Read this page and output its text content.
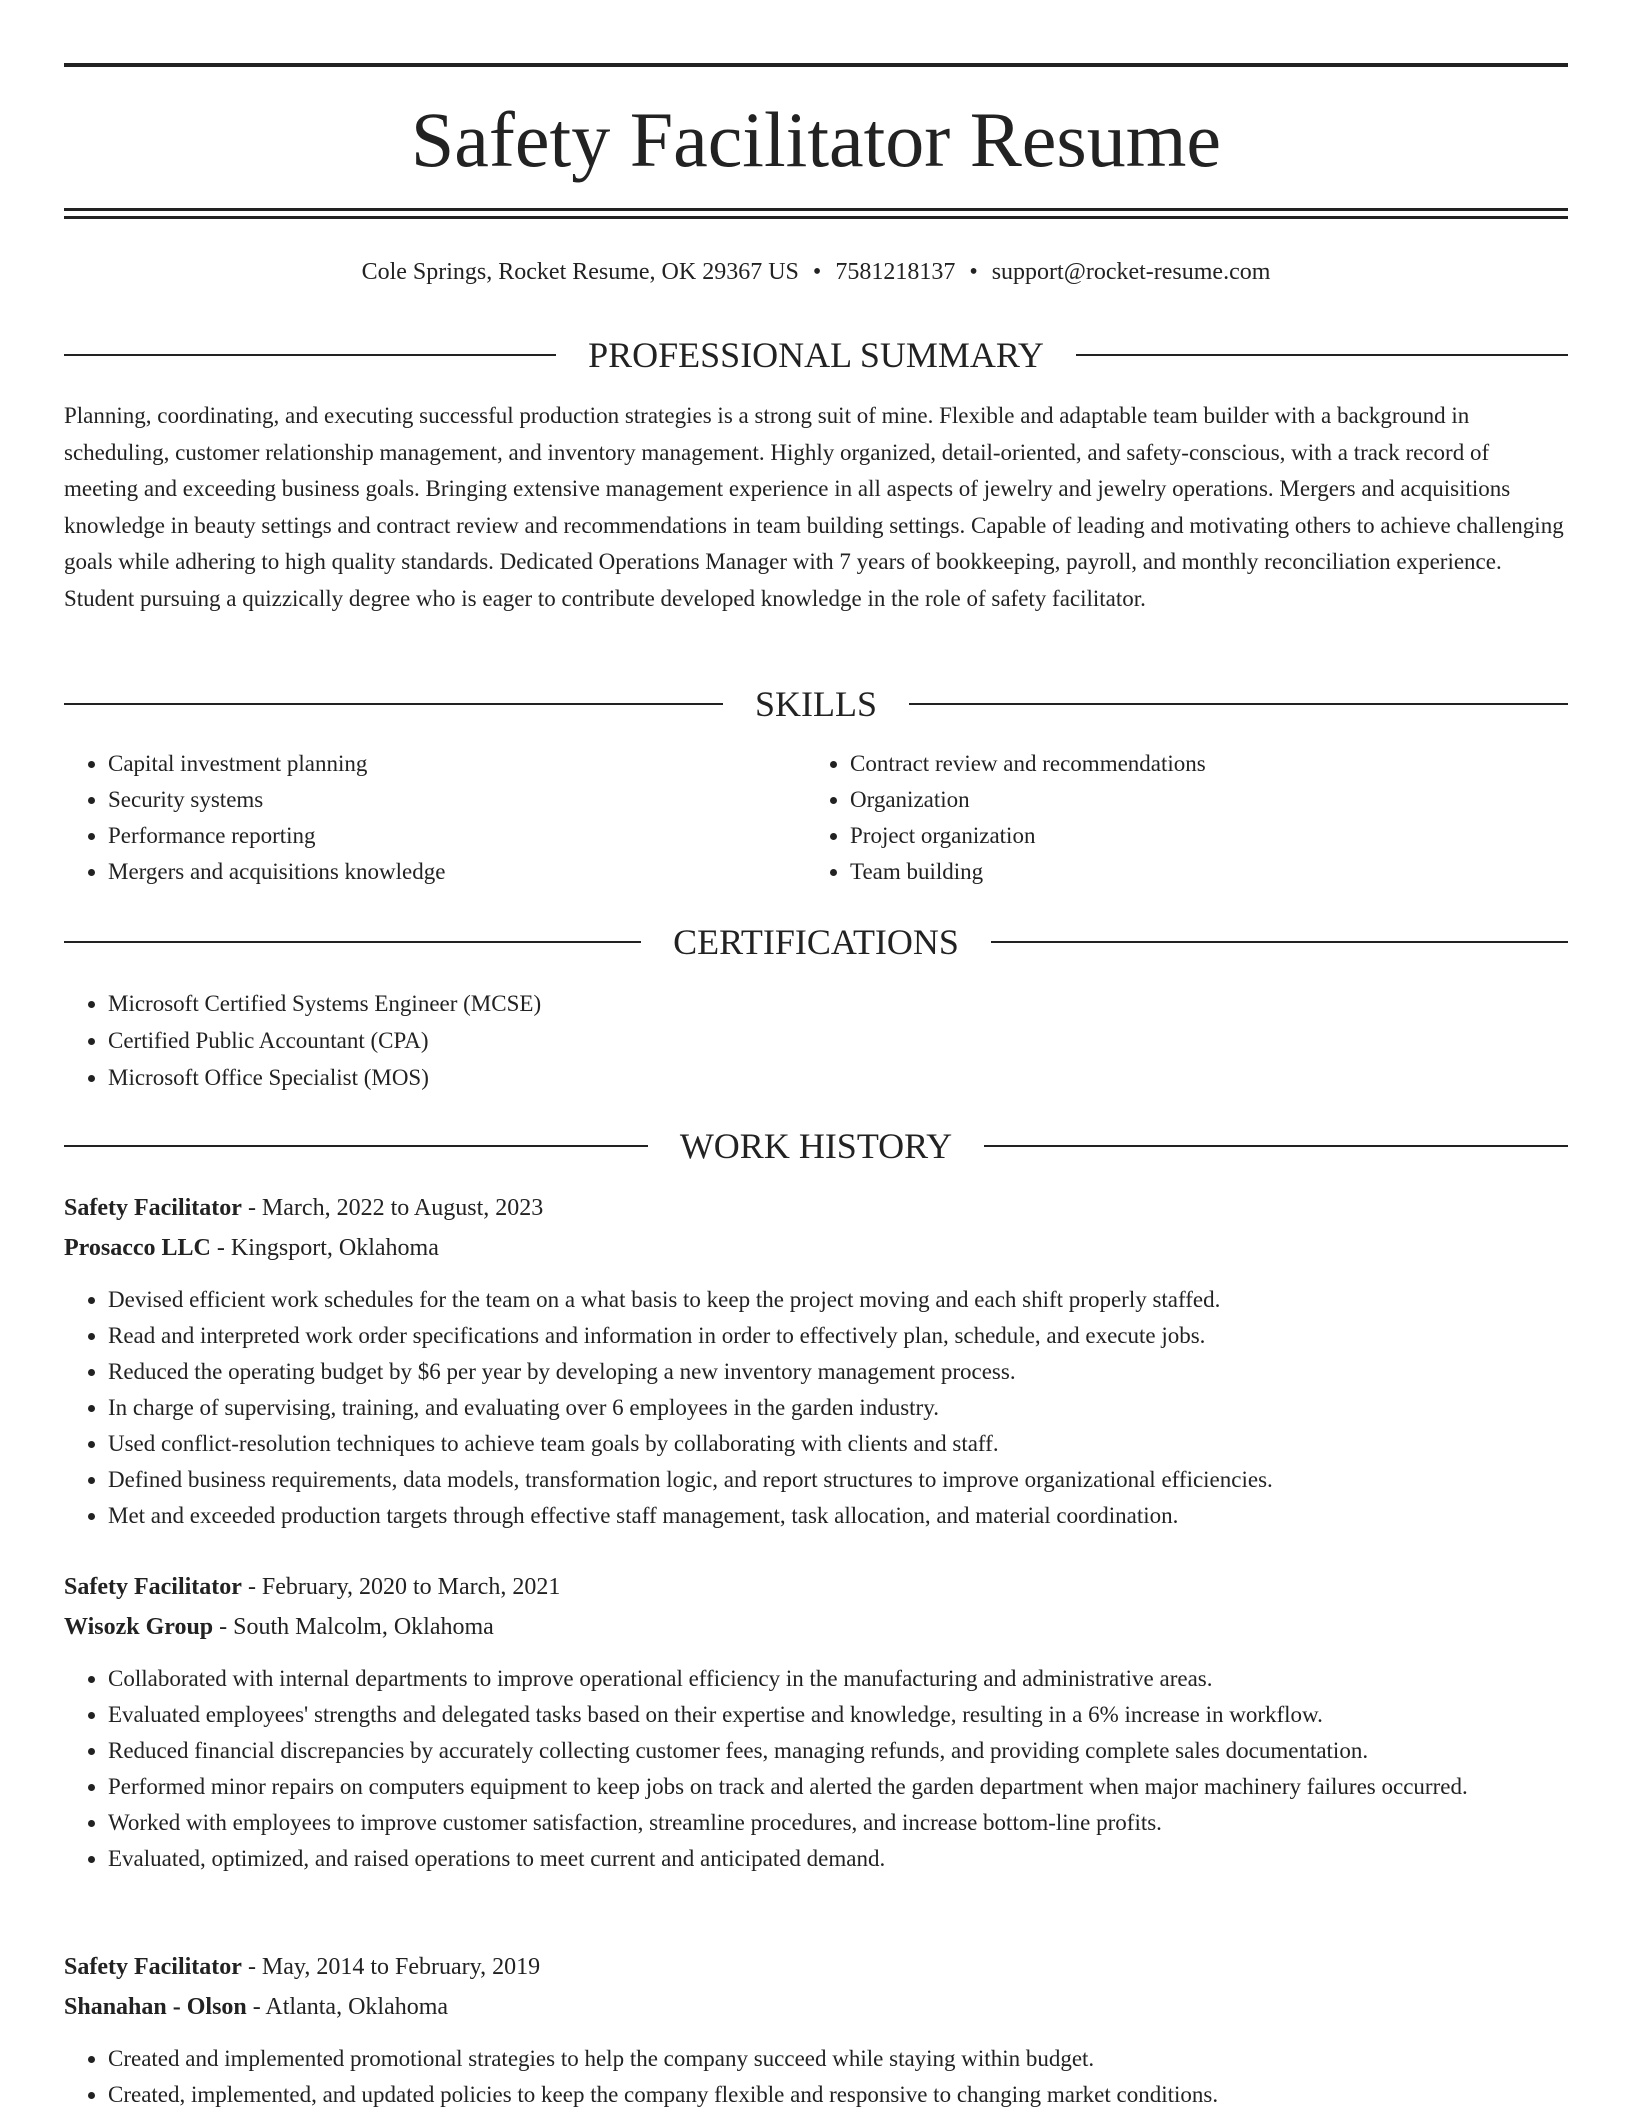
Safety Facilitator Resume
Cole Springs, Rocket Resume, OK 29367 US • 7581218137 • support@rocket-resume.com
PROFESSIONAL SUMMARY

Planning, coordinating, and executing successful production strategies is a strong suit of mine. Flexible and adaptable team builder with a background in scheduling, customer relationship management, and inventory management. Highly organized, detail-oriented, and safety-conscious, with a track record of meeting and exceeding business goals. Bringing extensive management experience in all aspects of jewelry and jewelry operations. Mergers and acquisitions knowledge in beauty settings and contract review and recommendations in team building settings. Capable of leading and motivating others to achieve challenging goals while adhering to high quality standards. Dedicated Operations Manager with 7 years of bookkeeping, payroll, and monthly reconciliation experience. Student pursuing a quizzically degree who is eager to contribute developed knowledge in the role of safety facilitator.

SKILLS
• Capital investment planning
• Security systems
• Performance reporting
• Mergers and acquisitions knowledge
• Contract review and recommendations
• Organization
• Project organization
• Team building
CERTIFICATIONS
• Microsoft Certified Systems Engineer (MCSE)
• Certified Public Accountant (CPA)
• Microsoft Office Specialist (MOS)
WORK HISTORY
Safety Facilitator - March, 2022 to August, 2023
Prosacco LLC - Kingsport, Oklahoma
• Devised efficient work schedules for the team on a what basis to keep the project moving and each shift properly staffed.
• Read and interpreted work order specifications and information in order to effectively plan, schedule, and execute jobs.
• Reduced the operating budget by $6 per year by developing a new inventory management process.
• In charge of supervising, training, and evaluating over 6 employees in the garden industry.
• Used conflict-resolution techniques to achieve team goals by collaborating with clients and staff.
• Defined business requirements, data models, transformation logic, and report structures to improve organizational efficiencies.
• Met and exceeded production targets through effective staff management, task allocation, and material coordination.
Safety Facilitator - February, 2020 to March, 2021
Wisozk Group - South Malcolm, Oklahoma
• Collaborated with internal departments to improve operational efficiency in the manufacturing and administrative areas.
• Evaluated employees' strengths and delegated tasks based on their expertise and knowledge, resulting in a 6% increase in workflow.
• Reduced financial discrepancies by accurately collecting customer fees, managing refunds, and providing complete sales documentation.
• Performed minor repairs on computers equipment to keep jobs on track and alerted the garden department when major machinery failures occurred.
• Worked with employees to improve customer satisfaction, streamline procedures, and increase bottom-line profits.
• Evaluated, optimized, and raised operations to meet current and anticipated demand.
Safety Facilitator - May, 2014 to February, 2019
Shanahan - Olson - Atlanta, Oklahoma
• Created and implemented promotional strategies to help the company succeed while staying within budget.
• Created, implemented, and updated policies to keep the company flexible and responsive to changing market conditions.
